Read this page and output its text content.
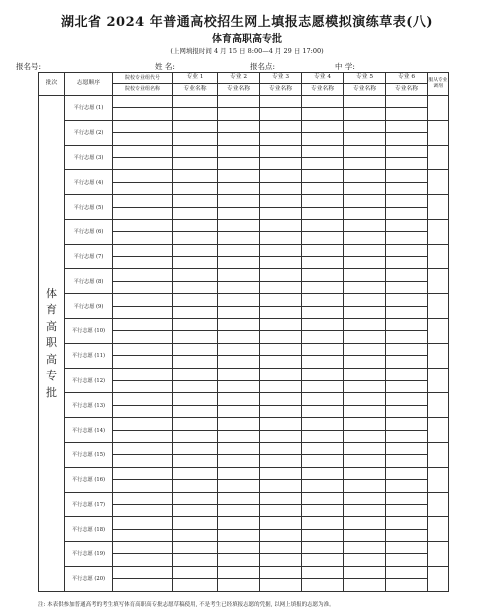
湖北省 2024 年普通高校招生网上填报志愿模拟演练草表(八)
体育高职高专批
(上网填报时间 4 月 15 日 8:00—4 月 29 日 17:00)
报名号:	姓 名:	报名点:	中 学:
批次	志愿顺序	院校专业组代号	专业 1	专业 2	专业 3	专业 4	专业 5	专业 6	服从专业调剂
		院校专业组名称	专业名称	专业名称	专业名称	专业名称	专业名称	专业名称	

体育高职高专批	平行志愿 (1)								

	平行志愿 (2)								

	平行志愿 (3)								

	平行志愿 (4)								

	平行志愿 (5)								

	平行志愿 (6)								

	平行志愿 (7)								

	平行志愿 (8)								

	平行志愿 (9)								

	平行志愿 (10)								

	平行志愿 (11)								

	平行志愿 (12)								

	平行志愿 (13)								

	平行志愿 (14)								

	平行志愿 (15)								

	平行志愿 (16)								

	平行志愿 (17)								

	平行志愿 (18)								

	平行志愿 (19)								

	平行志愿 (20)								

注: 本表供参加普通高考的考生填写体育高职高专批志愿草稿使用, 不是考生已经填报志愿的凭据, 以网上填报的志愿为准。
